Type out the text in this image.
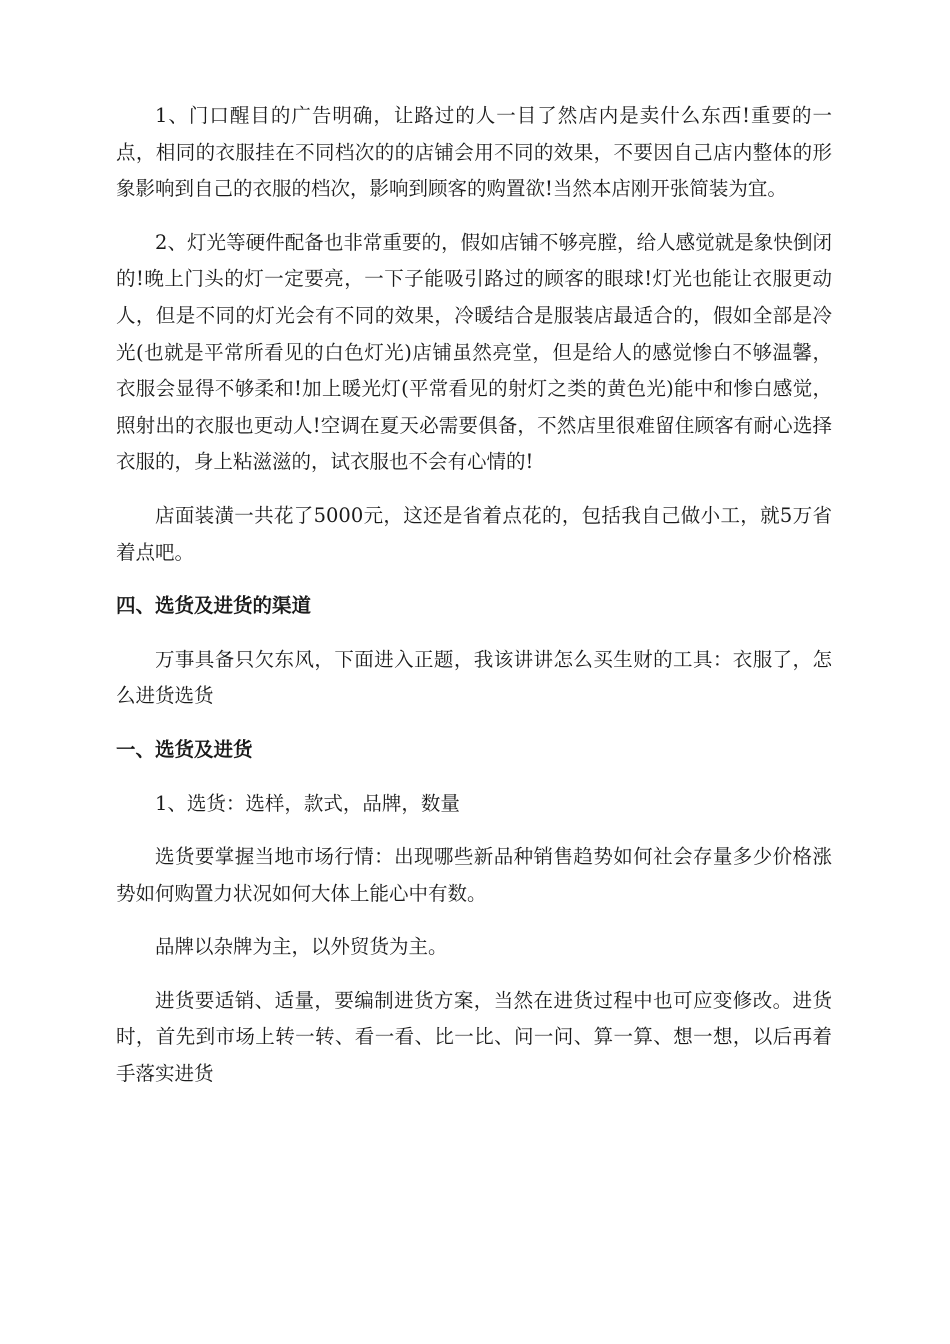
1、门口醒目的广告明确，让路过的人一目了然店内是卖什么东西!重要的一点，相同的衣服挂在不同档次的的店铺会用不同的效果，不要因自己店内整体的形象影响到自己的衣服的档次，影响到顾客的购置欲!当然本店刚开张简装为宜。

2、灯光等硬件配备也非常重要的，假如店铺不够亮膛，给人感觉就是象快倒闭的!晚上门头的灯一定要亮，一下子能吸引路过的顾客的眼球!灯光也能让衣服更动人，但是不同的灯光会有不同的效果，冷暖结合是服装店最适合的，假如全部是冷光(也就是平常所看见的白色灯光)店铺虽然亮堂，但是给人的感觉惨白不够温馨，衣服会显得不够柔和!加上暖光灯(平常看见的射灯之类的黄色光)能中和惨白感觉，照射出的衣服也更动人!空调在夏天必需要俱备，不然店里很难留住顾客有耐心选择衣服的，身上粘滋滋的，试衣服也不会有心情的!

店面装潢一共花了5000元，这还是省着点花的，包括我自己做小工，就5万省着点吧。

四、选货及进货的渠道

万事具备只欠东风，下面进入正题，我该讲讲怎么买生财的工具：衣服了，怎么进货选货

一、选货及进货

1、选货：选样，款式，品牌，数量

选货要掌握当地市场行情：出现哪些新品种销售趋势如何社会存量多少价格涨势如何购置力状况如何大体上能心中有数。

品牌以杂牌为主，以外贸货为主。

进货要适销、适量，要编制进货方案，当然在进货过程中也可应变修改。进货时，首先到市场上转一转、看一看、比一比、问一问、算一算、想一想，以后再着手落实进货
